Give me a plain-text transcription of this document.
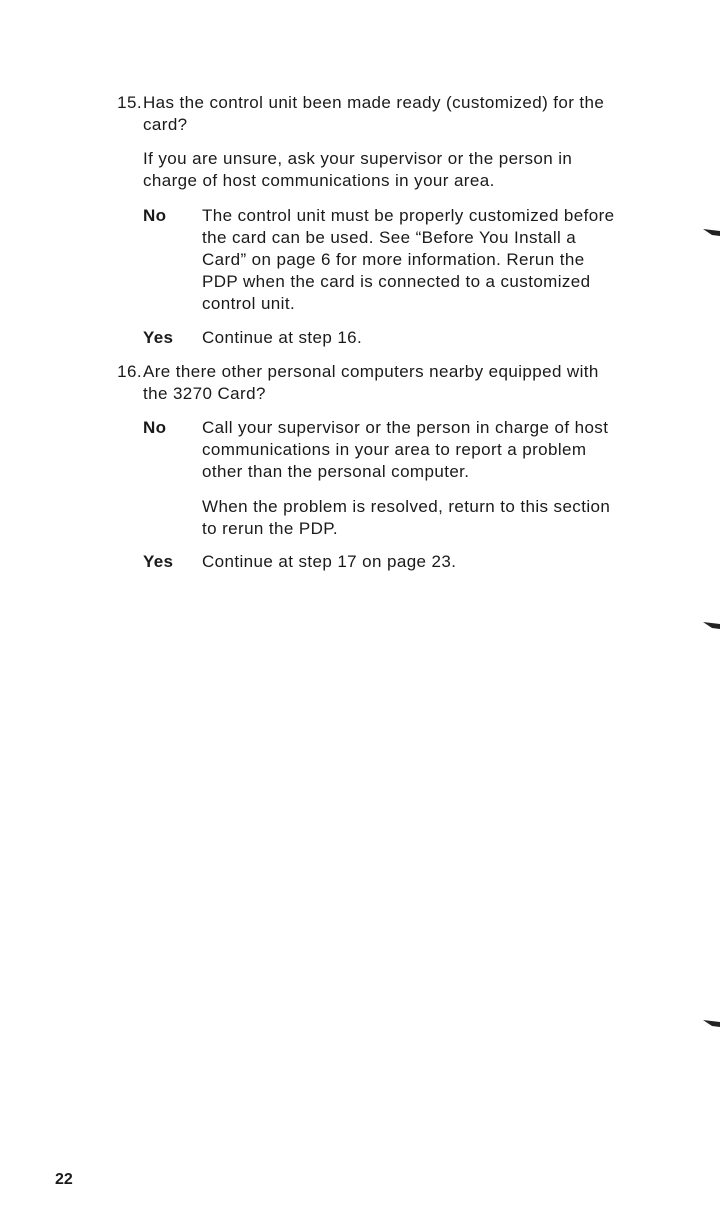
15. Has the control unit been made ready (customized) for the
card?
If you are unsure, ask your supervisor or the person in
charge of host communications in your area.
No The control unit must be properly customized before
the card can be used. See “Before You Install a
Card” on page 6 for more information. Rerun the
PDP when the card is connected to a customized
control unit.
Yes Continue at step 16.
16. Are there other personal computers nearby equipped with
the 3270 Card?
No Call your supervisor or the person in charge of host
communications in your area to report a problem
other than the personal computer.
When the problem is resolved, return to this section
to rerun the PDP.
Yes Continue at step 17 on page 23.
22
